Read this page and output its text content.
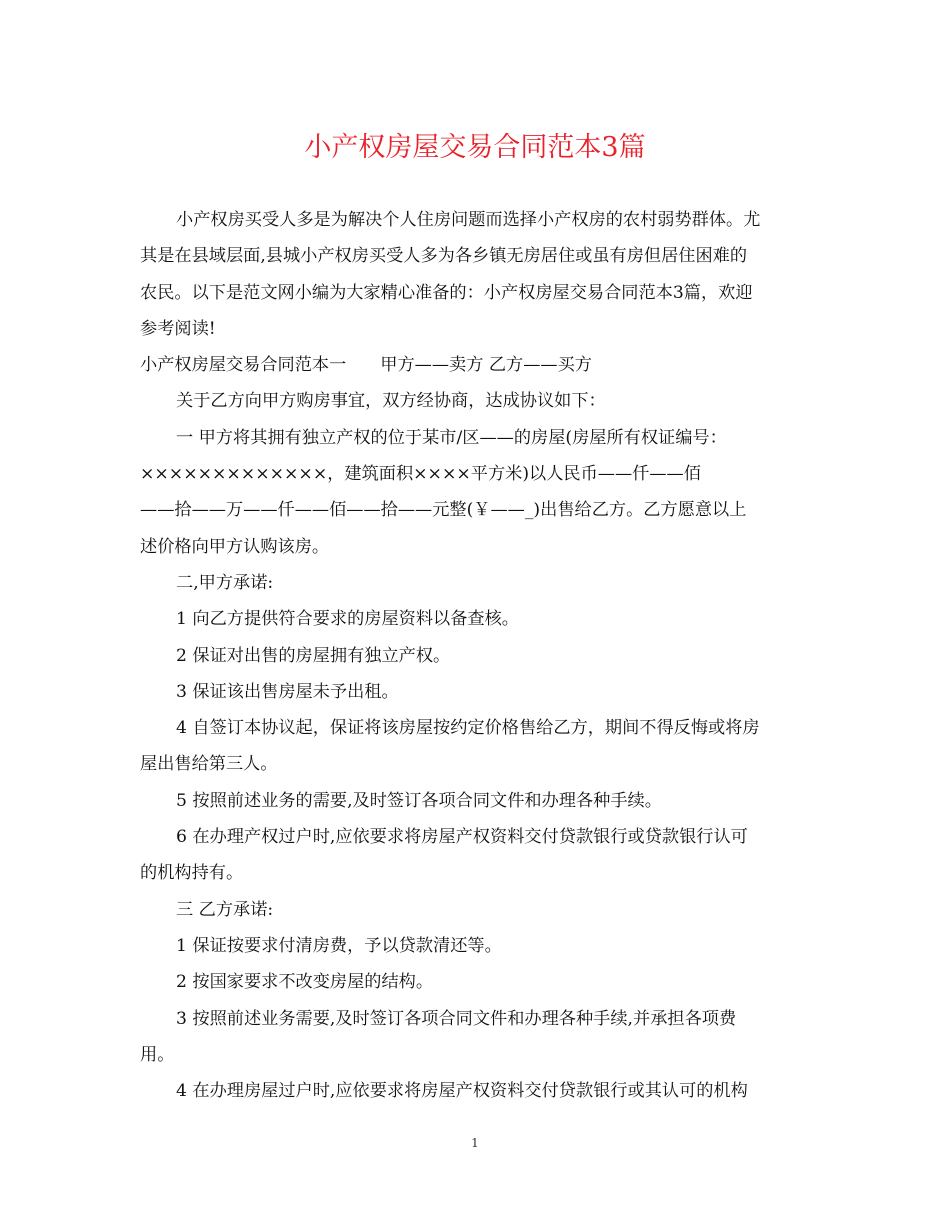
小产权房屋交易合同范本3篇

小产权房买受人多是为解决个人住房问题而选择小产权房的农村弱势群体。尤

其是在县域层面,县城小产权房买受人多为各乡镇无房居住或虽有房但居住困难的

农民。以下是范文网小编为大家精心准备的：小产权房屋交易合同范本3篇，欢迎

参考阅读!

小产权房屋交易合同范本一 甲方——卖方 乙方——买方

关于乙方向甲方购房事宜，双方经协商，达成协议如下：

一 甲方将其拥有独立产权的位于某市/区——的房屋(房屋所有权证编号：

×××××××××××××，建筑面积××××平方米)以人民币——仟——佰

——拾——万——仟——佰——拾——元整(￥——_)出售给乙方。乙方愿意以上

述价格向甲方认购该房。

二,甲方承诺:

1 向乙方提供符合要求的房屋资料以备查核。

2 保证对出售的房屋拥有独立产权。

3 保证该出售房屋未予出租。

4 自签订本协议起，保证将该房屋按约定价格售给乙方，期间不得反悔或将房

屋出售给第三人。

5 按照前述业务的需要,及时签订各项合同文件和办理各种手续。

6 在办理产权过户时,应依要求将房屋产权资料交付贷款银行或贷款银行认可

的机构持有。

三 乙方承诺:

1 保证按要求付清房费，予以贷款清还等。

2 按国家要求不改变房屋的结构。

3 按照前述业务需要,及时签订各项合同文件和办理各种手续,并承担各项费

用。

4 在办理房屋过户时,应依要求将房屋产权资料交付贷款银行或其认可的机构

1
